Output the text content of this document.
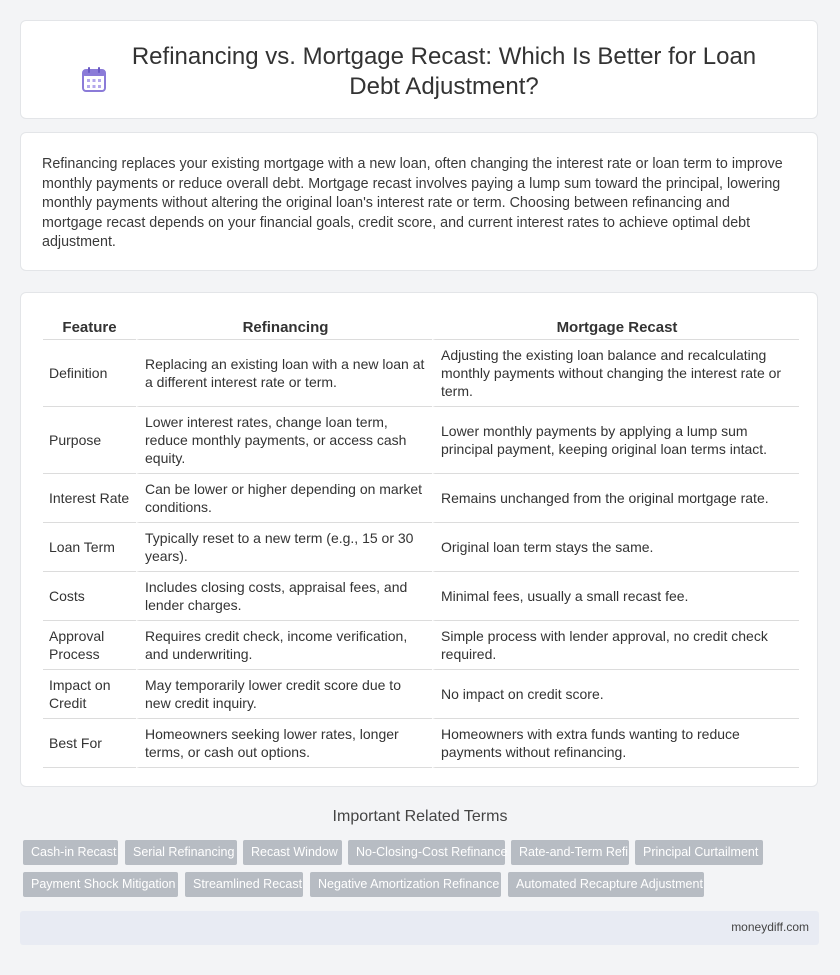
Refinancing vs. Mortgage Recast: Which Is Better for Loan Debt Adjustment?
Refinancing replaces your existing mortgage with a new loan, often changing the interest rate or loan term to improve monthly payments or reduce overall debt. Mortgage recast involves paying a lump sum toward the principal, lowering monthly payments without altering the original loan's interest rate or term. Choosing between refinancing and mortgage recast depends on your financial goals, credit score, and current interest rates to achieve optimal debt adjustment.
Feature	Refinancing	Mortgage Recast
Definition	Replacing an existing loan with a new loan at a different interest rate or term.	Adjusting the existing loan balance and recalculating monthly payments without changing the interest rate or term.
Purpose	Lower interest rates, change loan term, reduce monthly payments, or access cash equity.	Lower monthly payments by applying a lump sum principal payment, keeping original loan terms intact.
Interest Rate	Can be lower or higher depending on market conditions.	Remains unchanged from the original mortgage rate.
Loan Term	Typically reset to a new term (e.g., 15 or 30 years).	Original loan term stays the same.
Costs	Includes closing costs, appraisal fees, and lender charges.	Minimal fees, usually a small recast fee.
Approval Process	Requires credit check, income verification, and underwriting.	Simple process with lender approval, no credit check required.
Impact on Credit	May temporarily lower credit score due to new credit inquiry.	No impact on credit score.
Best For	Homeowners seeking lower rates, longer terms, or cash out options.	Homeowners with extra funds wanting to reduce payments without refinancing.
Important Related Terms
Cash-in Recast	Serial Refinancing	Recast Window	No-Closing-Cost Refinance Rate-and-Term Refi	Principal Curtailment
Payment Shock Mitigation	Streamlined Recast	Negative Amortization Refinance	Automated Recapture Adjustment
moneydiff.com
